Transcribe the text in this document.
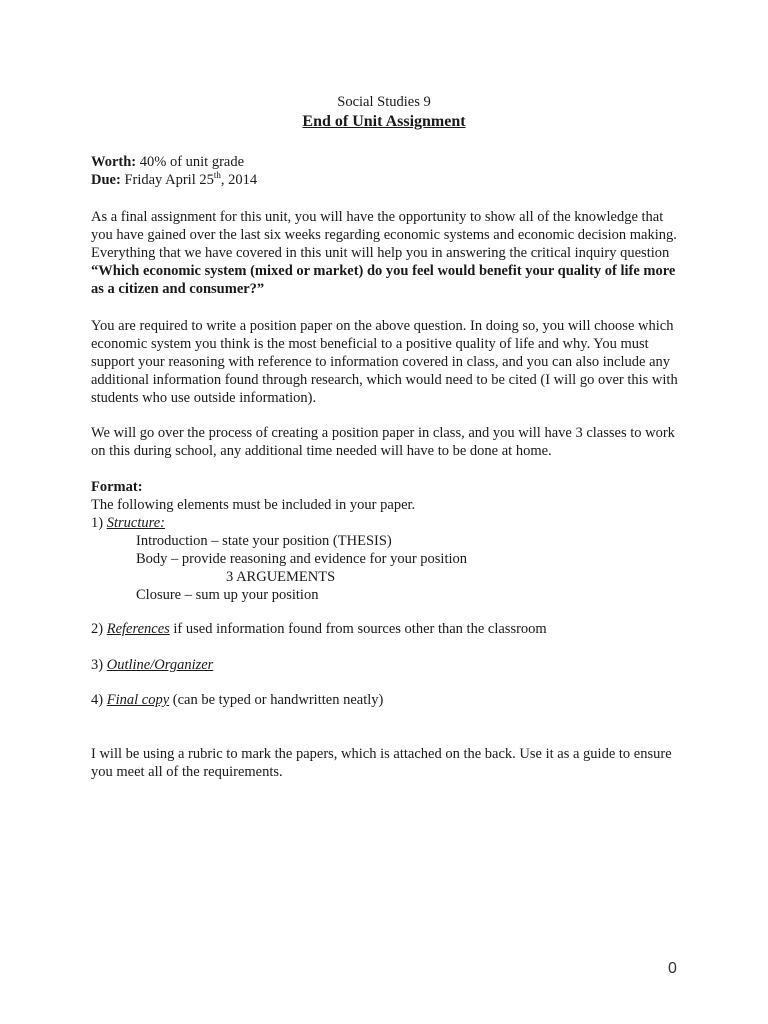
Social Studies 9
End of Unit Assignment

Worth: 40% of unit grade

Due: Friday April 25th, 2014

As a final assignment for this unit, you will have the opportunity to show all of the knowledge that you have gained over the last six weeks regarding economic systems and economic decision making. Everything that we have covered in this unit will help you in answering the critical inquiry question “Which economic system (mixed or market) do you feel would benefit your quality of life more as a citizen and consumer?”

You are required to write a position paper on the above question. In doing so, you will choose which economic system you think is the most beneficial to a positive quality of life and why. You must support your reasoning with reference to information covered in class, and you can also include any additional information found through research, which would need to be cited (I will go over this with students who use outside information).

We will go over the process of creating a position paper in class, and you will have 3 classes to work on this during school, any additional time needed will have to be done at home.

Format:

The following elements must be included in your paper.

1) Structure:

Introduction – state your position (THESIS)

Body – provide reasoning and evidence for your position

3 ARGUEMENTS

Closure – sum up your position

2) References if used information found from sources other than the classroom

3) Outline/Organizer

4) Final copy (can be typed or handwritten neatly)

I will be using a rubric to mark the papers, which is attached on the back. Use it as a guide to ensure you meet all of the requirements.

0
